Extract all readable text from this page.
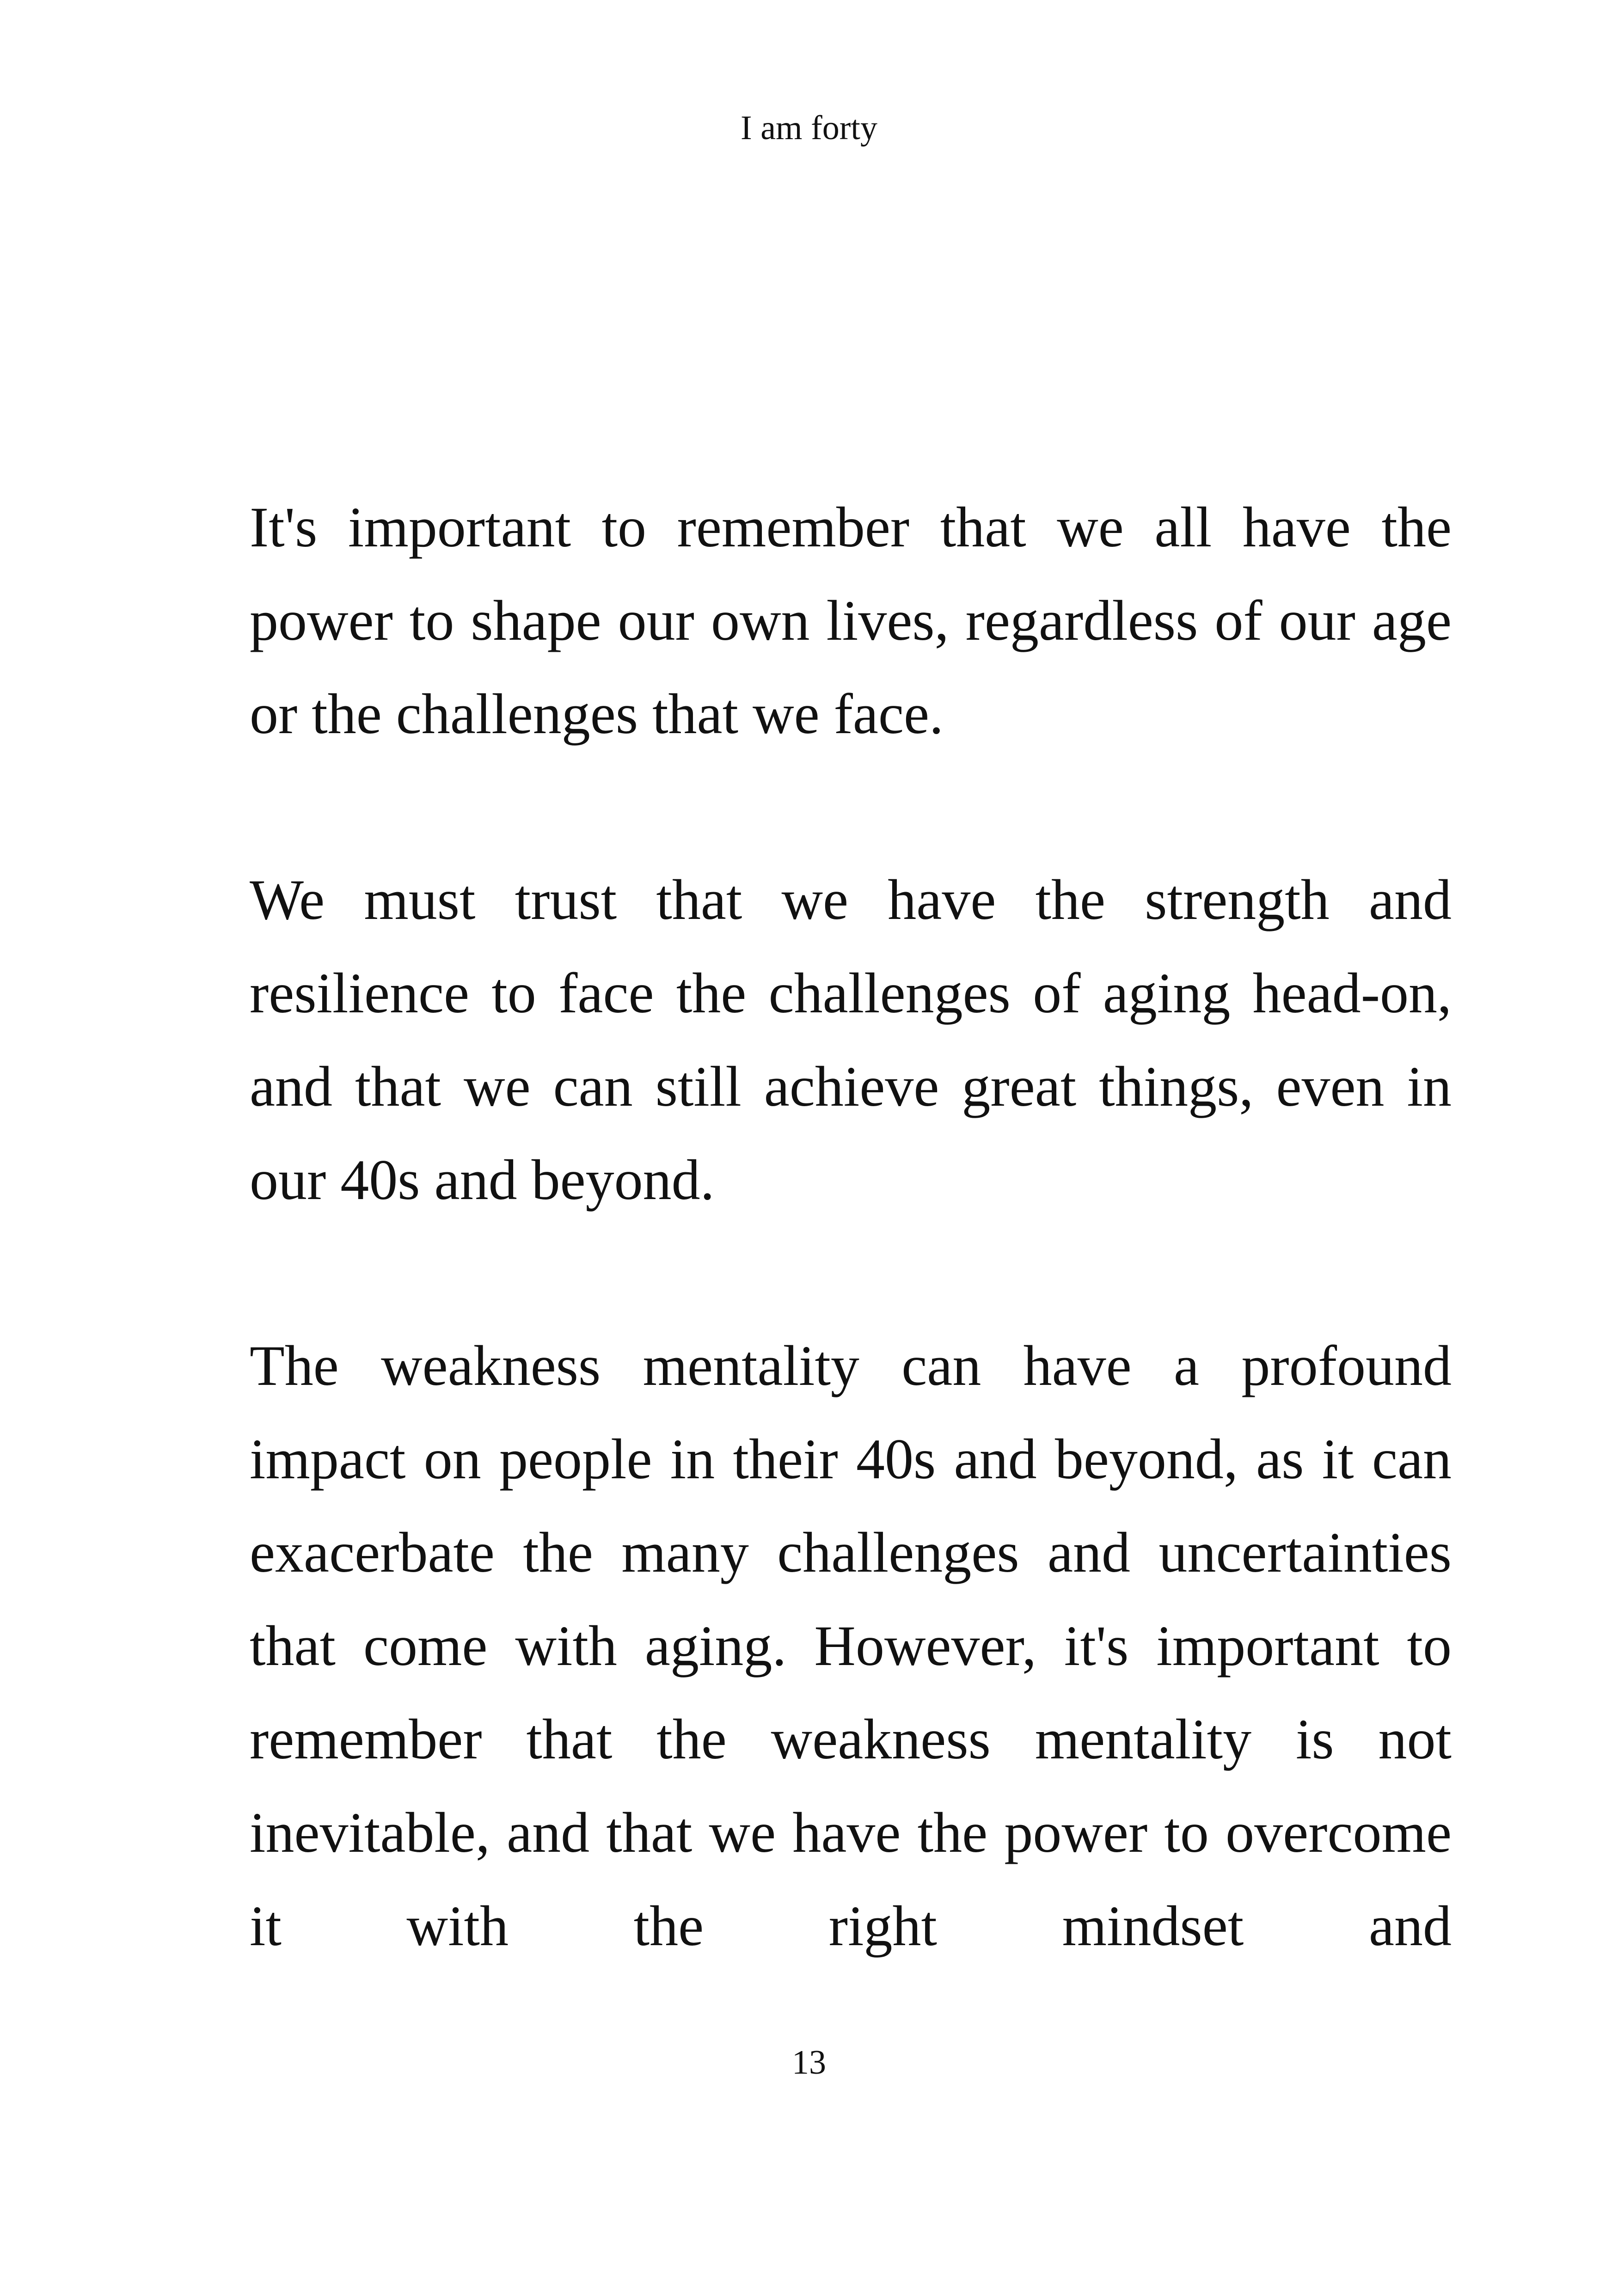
I am forty

It's important to remember that we all have the power to shape our own lives, regardless of our age or the challenges that we face.

We must trust that we have the strength and resilience to face the challenges of aging head-on, and that we can still achieve great things, even in our 40s and beyond.

The weakness mentality can have a profound impact on people in their 40s and beyond, as it can exacerbate the many challenges and uncertainties that come with aging. However, it's important to remember that the weakness mentality is not inevitable, and that we have the power to overcome it with the right mindset and

13
